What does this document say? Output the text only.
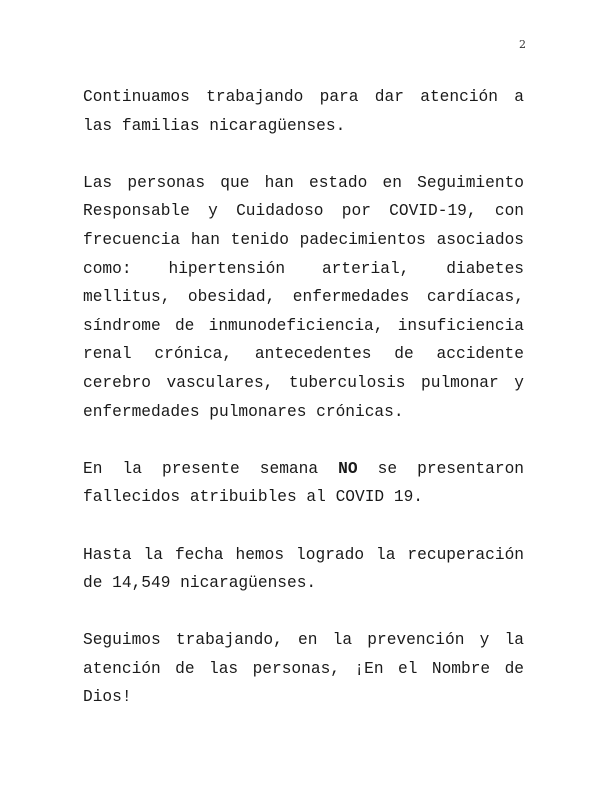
2

Continuamos trabajando para dar atención a las familias nicaragüenses.

Las personas que han estado en Seguimiento Responsable y Cuidadoso por COVID-19, con frecuencia han tenido padecimientos asociados como: hipertensión arterial, diabetes mellitus, obesidad, enfermedades cardíacas, síndrome de inmunodeficiencia, insuficiencia renal crónica, antecedentes de accidente cerebro vasculares, tuberculosis pulmonar y enfermedades pulmonares crónicas.

En la presente semana NO se presentaron fallecidos atribuibles al COVID 19.

Hasta la fecha hemos logrado la recuperación de 14,549 nicaragüenses.

Seguimos trabajando, en la prevención y la atención de las personas, ¡En el Nombre de Dios!
